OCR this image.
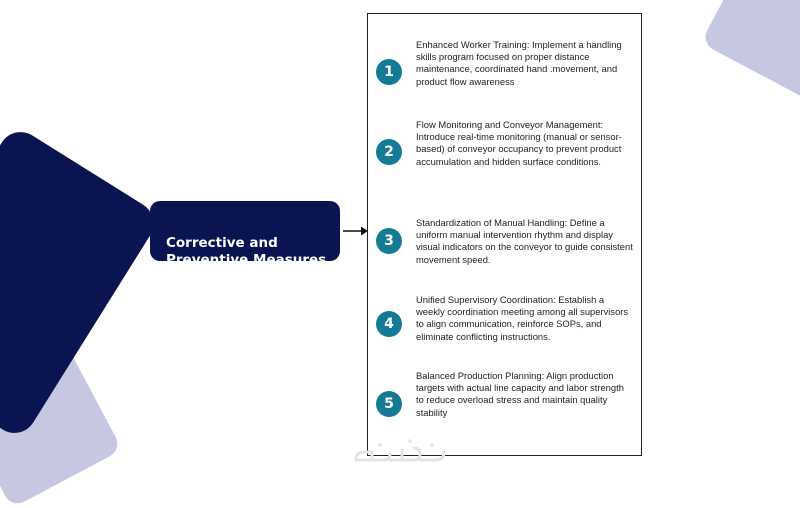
Corrective and
Preventive Measures

1
Enhanced Worker Training: Implement a handling skills program focused on proper distance maintenance, coordinated hand .movement, and product flow awareness
2
Flow Monitoring and Conveyor Management: Introduce real-time monitoring (manual or sensor-based) of conveyor occupancy to prevent product accumulation and hidden surface conditions.
3
Standardization of Manual Handling: Define a uniform manual intervention rhythm and display visual indicators on the conveyor to guide consistent movement speed.
4
Unified Supervisory Coordination: Establish a weekly coordination meeting among all supervisors to align communication, reinforce SOPs, and eliminate conflicting instructions.
5
Balanced Production Planning: Align production targets with actual line capacity and labor strength to reduce overload stress and maintain quality stability
